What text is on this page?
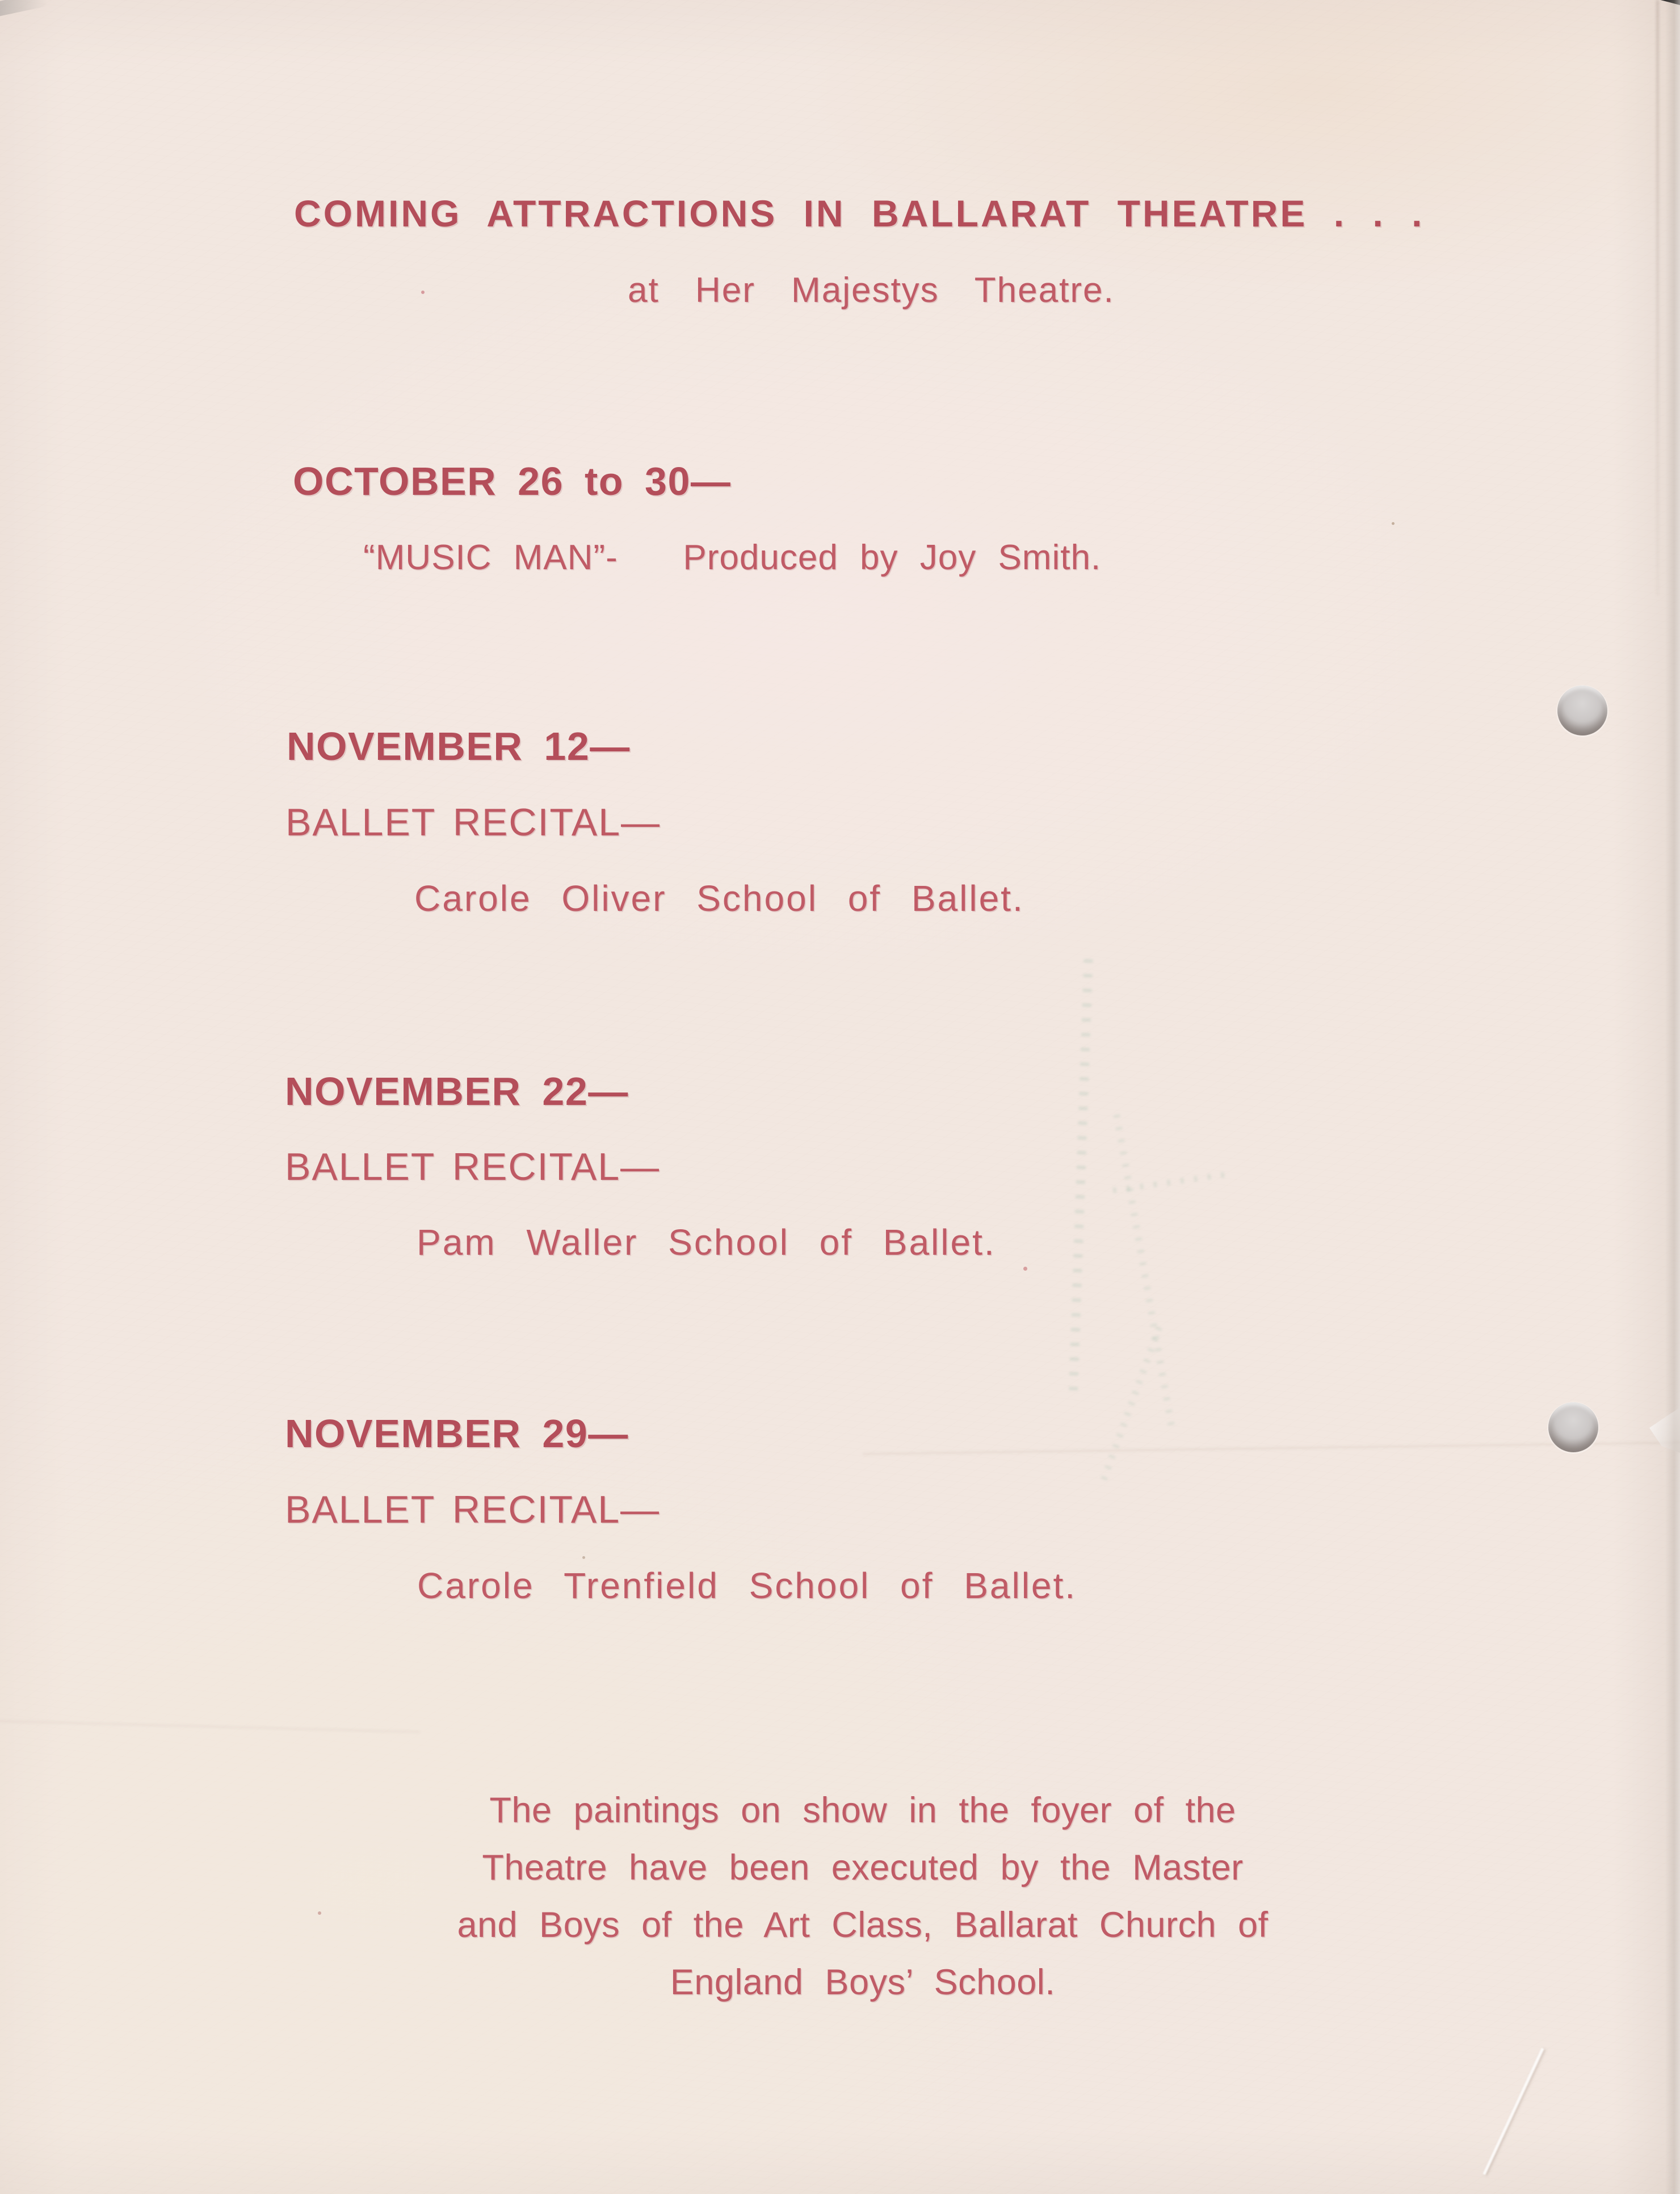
COMING ATTRACTIONS IN BALLARAT THEATRE . . .
at Her Majestys Theatre.
OCTOBER 26 to 30—
“MUSIC MAN”-   Produced by Joy Smith.
NOVEMBER 12—
BALLET RECITAL—
Carole Oliver School of Ballet.
NOVEMBER 22—
BALLET RECITAL—
Pam Waller School of Ballet.
NOVEMBER 29—
BALLET RECITAL—
Carole Trenfield School of Ballet.
The paintings on show in the foyer of the
Theatre have been executed by the Master
and Boys of the Art Class, Ballarat Church of
England Boys’ School.
